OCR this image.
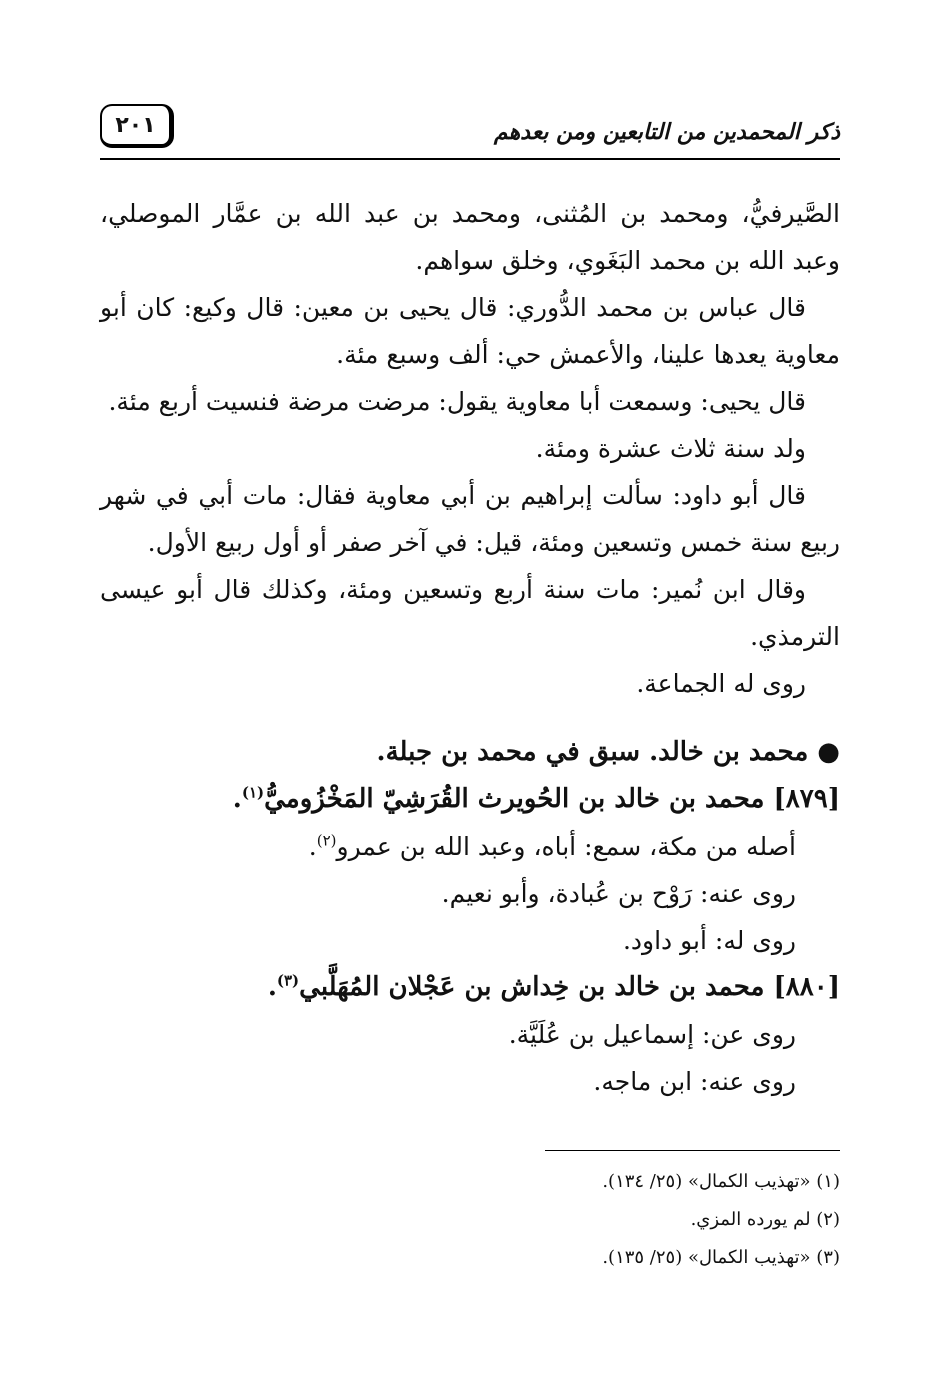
٢٠١	ذكر المحمدين من التابعين ومن بعدهم

الصَّيرفيُّ، ومحمد بن المُثنى، ومحمد بن عبد الله بن عمَّار الموصلي، وعبد الله بن محمد البَغَوي، وخلق سواهم.

قال عباس بن محمد الدُّوري: قال يحيى بن معين: قال وكيع: كان أبو معاوية يعدها علينا، والأعمش حي: ألف وسبع مئة.

قال يحيى: وسمعت أبا معاوية يقول: مرضت مرضة فنسيت أربع مئة.

ولد سنة ثلاث عشرة ومئة.

قال أبو داود: سألت إبراهيم بن أبي معاوية فقال: مات أبي في شهر ربيع سنة خمس وتسعين ومئة، قيل: في آخر صفر أو أول ربيع الأول.

وقال ابن نُمير: مات سنة أربع وتسعين ومئة، وكذلك قال أبو عيسى الترمذي.

روى له الجماعة.

● محمد بن خالد. سبق في محمد بن جبلة.

[٨٧٩] محمد بن خالد بن الحُويرث القُرَشِيّ المَخْزُوميُّ$^{(١)}$.

أصله من مكة، سمع: أباه، وعبد الله بن عمرو$^{(٢)}$.

روى عنه: رَوْح بن عُبادة، وأبو نعيم.

روى له: أبو داود.

[٨٨٠] محمد بن خالد بن خِداش بن عَجْلان المُهَلَّبي$^{(٣)}$.

روى عن: إسماعيل بن عُلَيَّة.

روى عنه: ابن ماجه.

(١) «تهذيب الكمال» (٢٥/ ١٣٤).
(٢) لم يورده المزي.
(٣) «تهذيب الكمال» (٢٥/ ١٣٥).
